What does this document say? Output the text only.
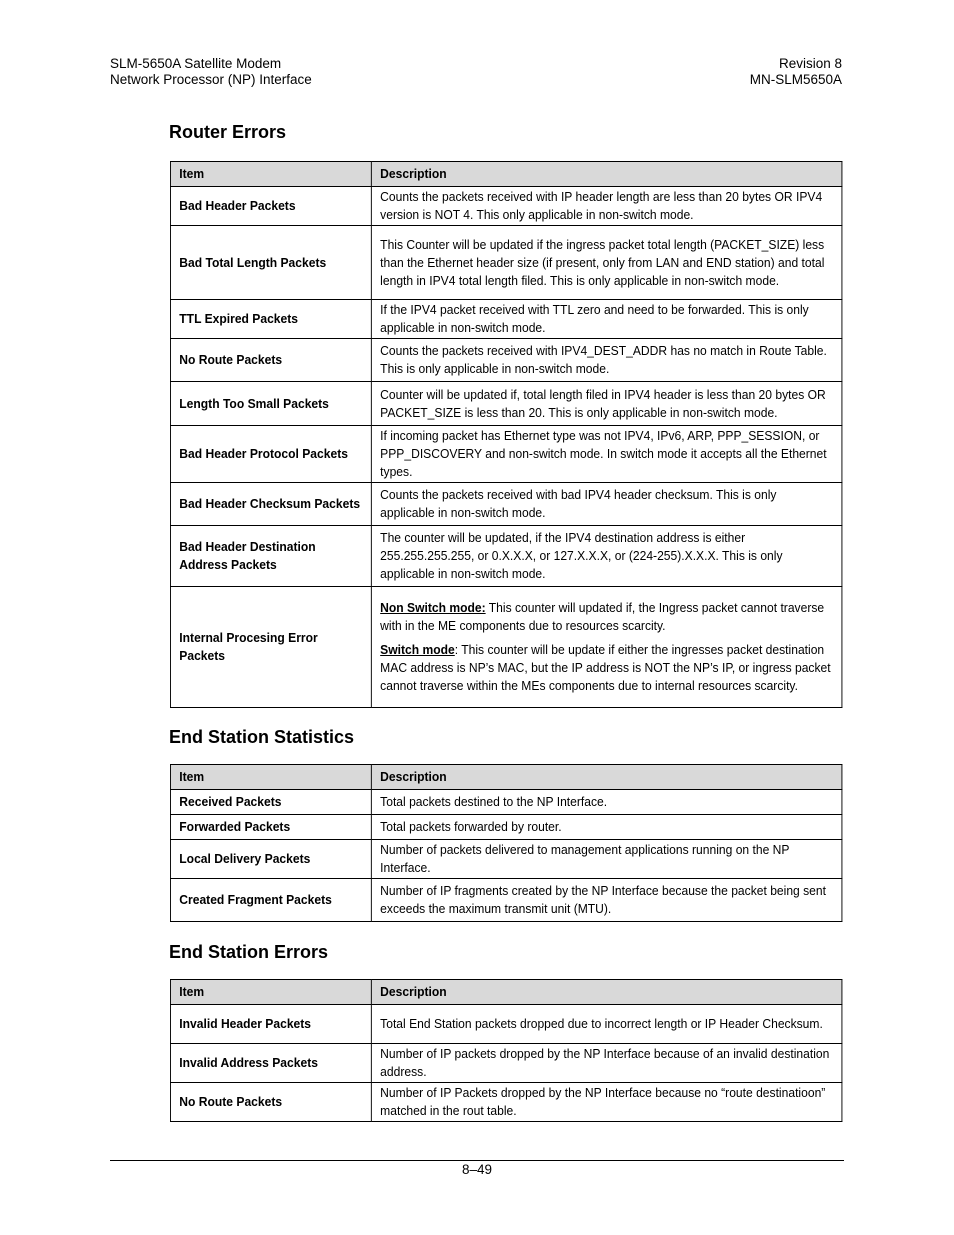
SLM-5650A Satellite Modem
Network Processor (NP) Interface
Revision 8
MN-SLM5650A
Router Errors
Item	Description
Bad Header Packets	Counts the packets received with IP header length are less than 20 bytes OR IPV4 version is NOT 4. This only applicable in non-switch mode.
Bad Total Length Packets	This Counter will be updated if the ingress packet total length (PACKET_SIZE) less than the Ethernet header size (if present, only from LAN and END station) and total length in IPV4 total length filed. This is only applicable in non-switch mode.
TTL Expired Packets	If the IPV4 packet received with TTL zero and need to be forwarded. This is only applicable in non-switch mode.
No Route Packets	Counts the packets received with IPV4_DEST_ADDR has no match in Route Table. This is only applicable in non-switch mode.
Length Too Small Packets	Counter will be updated if, total length filed in IPV4 header is less than 20 bytes OR PACKET_SIZE is less than 20. This is only applicable in non-switch mode.
Bad Header Protocol Packets	If incoming packet has Ethernet type was not IPV4, IPv6, ARP, PPP_SESSION, or PPP_DISCOVERY and non-switch mode. In switch mode it accepts all the Ethernet types.
Bad Header Checksum Packets	Counts the packets received with bad IPV4 header checksum. This is only applicable in non-switch mode.
Bad Header Destination Address Packets	The counter will be updated, if the IPV4 destination address is either 255.255.255.255, or 0.X.X.X, or 127.X.X.X, or (224-255).X.X.X. This is only applicable in non-switch mode.
Internal Procesing Error Packets	Non Switch mode: This counter will updated if, the Ingress packet cannot traverse with in the ME components due to resources scarcity.

Switch mode: This counter will be update if either the ingresses packet destination MAC address is NP’s MAC, but the IP address is NOT the NP’s IP, or ingress packet cannot traverse within the MEs components due to internal resources scarcity.

End Station Statistics
Item	Description
Received Packets	Total packets destined to the NP Interface.
Forwarded Packets	Total packets forwarded by router.
Local Delivery Packets	Number of packets delivered to management applications running on the NP Interface.
Created Fragment Packets	Number of IP fragments created by the NP Interface because the packet being sent exceeds the maximum transmit unit (MTU).
End Station Errors
Item	Description
Invalid Header Packets	Total End Station packets dropped due to incorrect length or IP Header Checksum.
Invalid Address Packets	Number of IP packets dropped by the NP Interface because of an invalid destination address.
No Route Packets	Number of IP Packets dropped by the NP Interface because no “route destinatioon” matched in the rout table.
8–49
